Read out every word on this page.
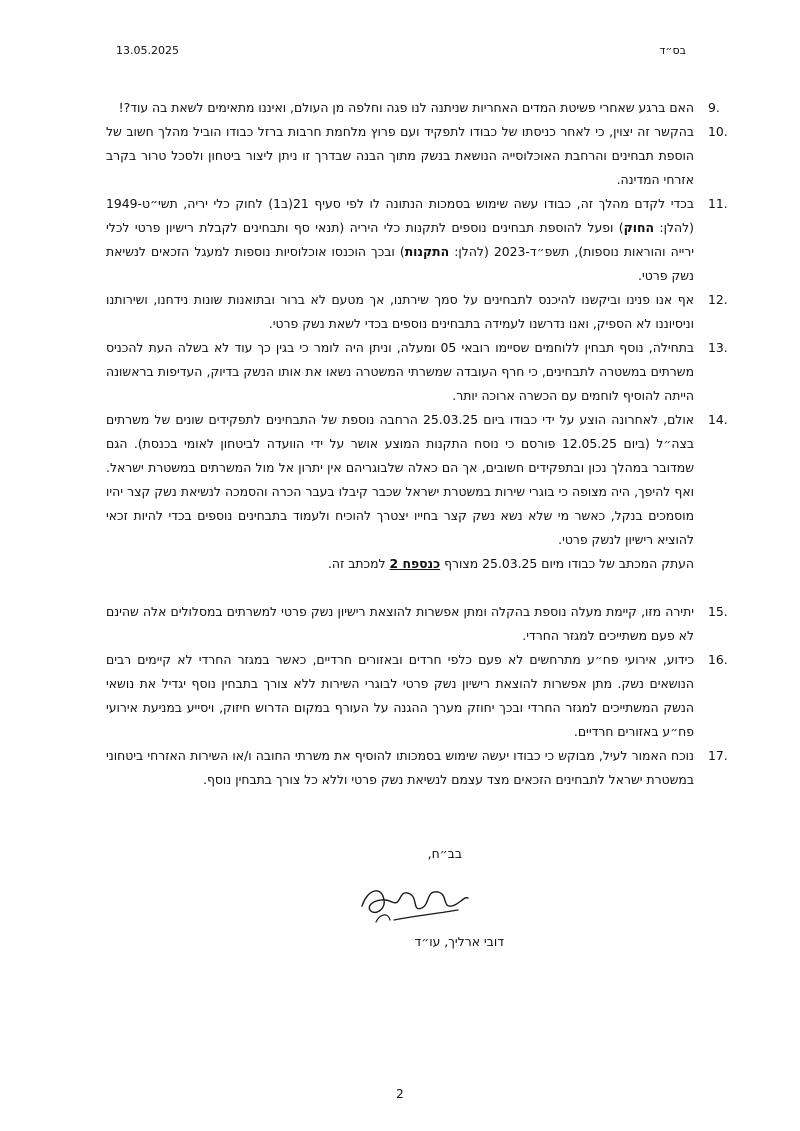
13.05.2025	בס״ד
9.
האם ברגע שאחרי פשיטת המדים האחריות שניתנה לנו פגה וחלפה מן העולם, ואיננו מתאימים לשאת בה עוד?!
10.
בהקשר זה יצוין, כי לאחר כניסתו של כבודו לתפקיד ועם פרוץ מלחמת חרבות ברזל כבודו הוביל מהלך חשוב של הוספת תבחינים והרחבת האוכלוסייה הנושאת בנשק מתוך הבנה שבדרך זו ניתן ליצור ביטחון ולסכל טרור בקרב אזרחי המדינה.
11.
בכדי לקדם מהלך זה, כבודו עשה שימוש בסמכות הנתונה לו לפי סעיף 21(ב1) לחוק כלי יריה, תשי״ט-1949 (להלן: החוק) ופעל להוספת תבחינים נוספים לתקנות כלי היריה (תנאי סף ותבחינים לקבלת רישיון פרטי לכלי ירייה והוראות נוספות), תשפ״ד-2023 (להלן: התקנות) ובכך הוכנסו אוכלוסיות נוספות למעגל הזכאים לנשיאת נשק פרטי.
12.
אף אנו פנינו וביקשנו להיכנס לתבחינים על סמך שירתנו, אך מטעם לא ברור ובתואנות שונות נידחנו, ושירותנו וניסיוננו לא הספיק, ואנו נדרשנו לעמידה בתבחינים נוספים בכדי לשאת נשק פרטי.
13.
בתחילה, נוסף תבחין ללוחמים שסיימו רובאי 05 ומעלה, וניתן היה לומר כי בגין כך עוד לא בשלה העת להכניס משרתים במשטרה לתבחינים, כי חרף העובדה שמשרתי המשטרה נשאו את אותו הנשק בדיוק, העדיפות בראשונה הייתה להוסיף לוחמים עם הכשרה ארוכה יותר.
14.
אולם, לאחרונה הוצע על ידי כבודו ביום 25.03.25 הרחבה נוספת של התבחינים לתפקידים שונים של משרתים בצה״ל (ביום 12.05.25 פורסם כי נוסח התקנות המוצע אושר על ידי הוועדה לביטחון לאומי בכנסת). הגם שמדובר במהלך נכון ובתפקידים חשובים, אך הם כאלה שלבוגריהם אין יתרון אל מול המשרתים במשטרת ישראל. ואף להיפך, היה מצופה כי בוגרי שירות במשטרת ישראל שכבר קיבלו בעבר הכרה והסמכה לנשיאת נשק קצר יהיו מוסמכים בנקל, כאשר מי שלא נשא נשק קצר בחייו יצטרך להוכיח ולעמוד בתבחינים נוספים בכדי להיות זכאי להוציא רישיון לנשק פרטי.
העתק המכתב של כבודו מיום 25.03.25 מצורף כנספח 2 למכתב זה.
15.
יתירה מזו, קיימת מעלה נוספת בהקלה ומתן אפשרות להוצאת רישיון נשק פרטי למשרתים במסלולים אלה שהינם לא פעם משתייכים למגזר החרדי.
16.
כידוע, אירועי פח״ע מתרחשים לא פעם כלפי חרדים ובאזורים חרדיים, כאשר במגזר החרדי לא קיימים רבים הנושאים נשק. מתן אפשרות להוצאת רישיון נשק פרטי לבוגרי השירות ללא צורך בתבחין נוסף יגדיל את נושאי הנשק המשתייכים למגזר החרדי ובכך יחוזק מערך ההגנה על העורף במקום הדרוש חיזוק, ויסייע במניעת אירועי פח״ע באזורים חרדיים.
17.
נוכח האמור לעיל, מבוקש כי כבודו יעשה שימוש בסמכותו להוסיף את משרתי החובה ו/או השירות האזרחי ביטחוני במשטרת ישראל לתבחינים הזכאים מצד עצמם לנשיאת נשק פרטי וללא כל צורך בתבחין נוסף.
בב״ח,
דובי ארליך, עו״ד
2
